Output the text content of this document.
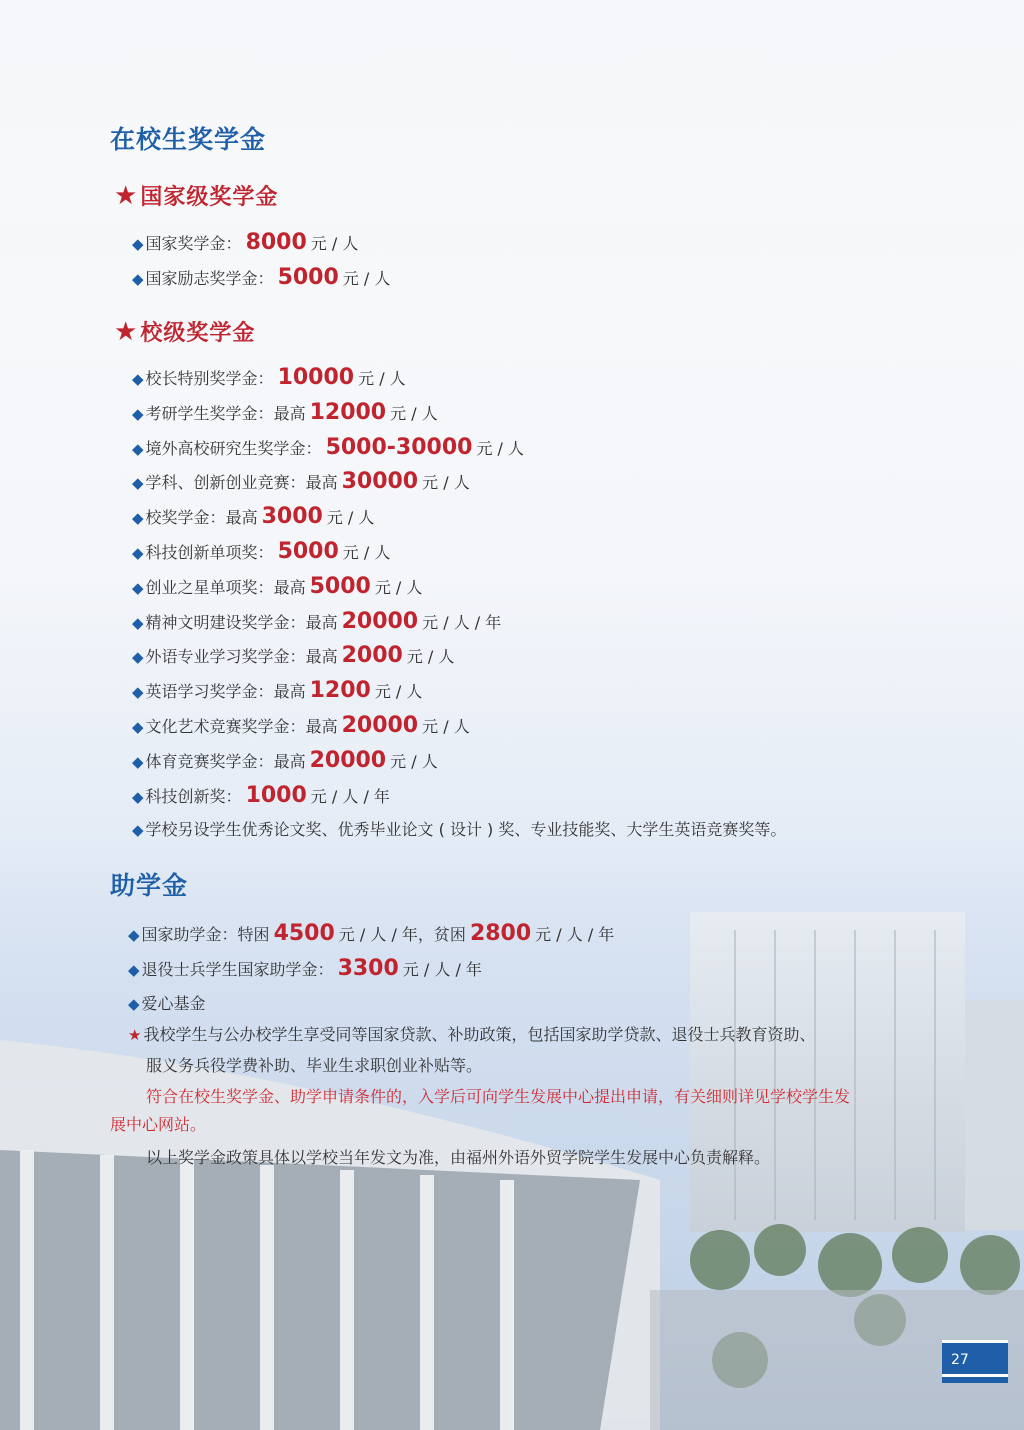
在校生奖学金
★国家级奖学金
◆ 国家奖学金： 8000 元 / 人
◆ 国家励志奖学金： 5000 元 / 人
★校级奖学金
◆ 校长特别奖学金： 10000 元 / 人
◆ 考研学生奖学金： 最高 12000 元 / 人
◆ 境外高校研究生奖学金： 5000-30000 元 / 人
◆ 学科、创新创业竞赛： 最高 30000 元 / 人
◆ 校奖学金： 最高 3000 元 / 人
◆ 科技创新单项奖： 5000 元 / 人
◆ 创业之星单项奖： 最高 5000 元 / 人
◆ 精神文明建设奖学金： 最高 20000 元 / 人 / 年
◆ 外语专业学习奖学金： 最高 2000 元 / 人
◆ 英语学习奖学金： 最高 1200 元 / 人
◆ 文化艺术竞赛奖学金： 最高 20000 元 / 人
◆ 体育竞赛奖学金： 最高 20000 元 / 人
◆ 科技创新奖： 1000 元 / 人 / 年
◆ 学校另设学生优秀论文奖、优秀毕业论文 ( 设计 ) 奖、专业技能奖、大学生英语竞赛奖等。
助学金
◆ 国家助学金：特困 4500 元 / 人 / 年，贫困 2800 元 / 人 / 年
◆ 退役士兵学生国家助学金： 3300 元 / 人 / 年
◆ 爱心基金
★ 我校学生与公办校学生享受同等国家贷款、补助政策，包括国家助学贷款、退役士兵教育资助、
服义务兵役学费补助、毕业生求职创业补贴等。
符合在校生奖学金、助学申请条件的，入学后可向学生发展中心提出申请，有关细则详见学校学生发
展中心网站。
以上奖学金政策具体以学校当年发文为准，由福州外语外贸学院学生发展中心负责解释。
27
